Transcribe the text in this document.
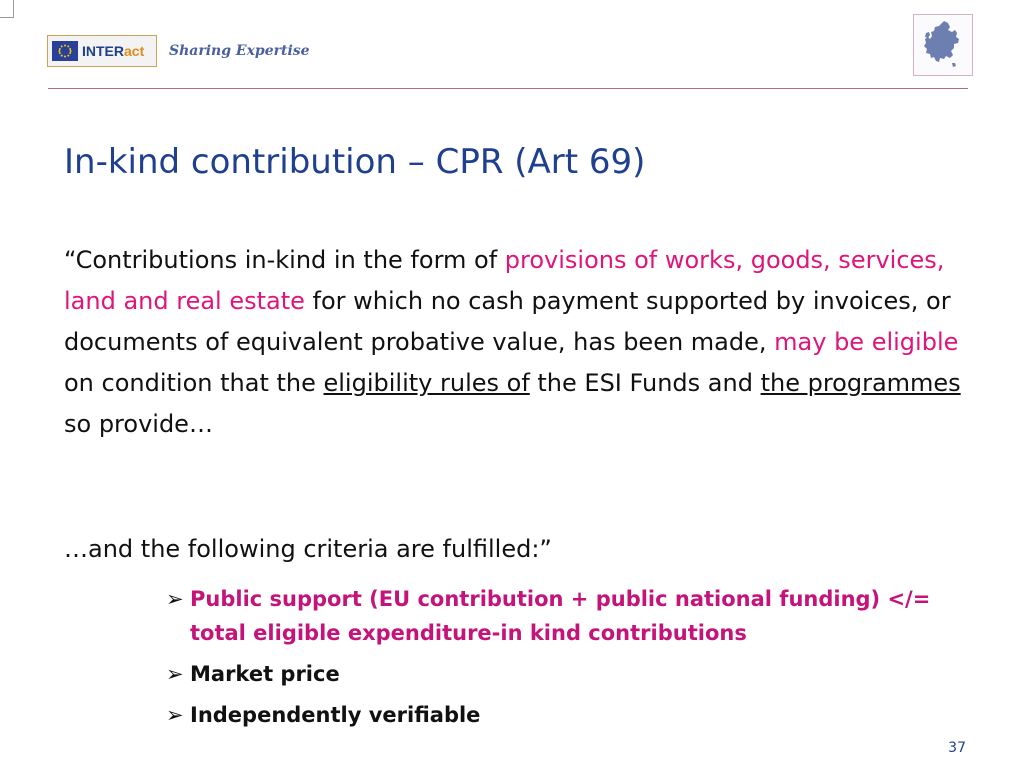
INTERact Sharing Expertise
In-kind contribution – CPR (Art 69)

“Contributions in-kind in the form of provisions of works, goods, services, land and real estate for which no cash payment supported by invoices, or documents of equivalent probative value, has been made, may be eligible on condition that the eligibility rules of the ESI Funds and the programmes so provide…

…and the following criteria are fulfilled:”
➢ Public support (EU contribution + public national funding) </= total eligible expenditure-in kind contributions
➢ Market price
➢ Independently verifiable
37
